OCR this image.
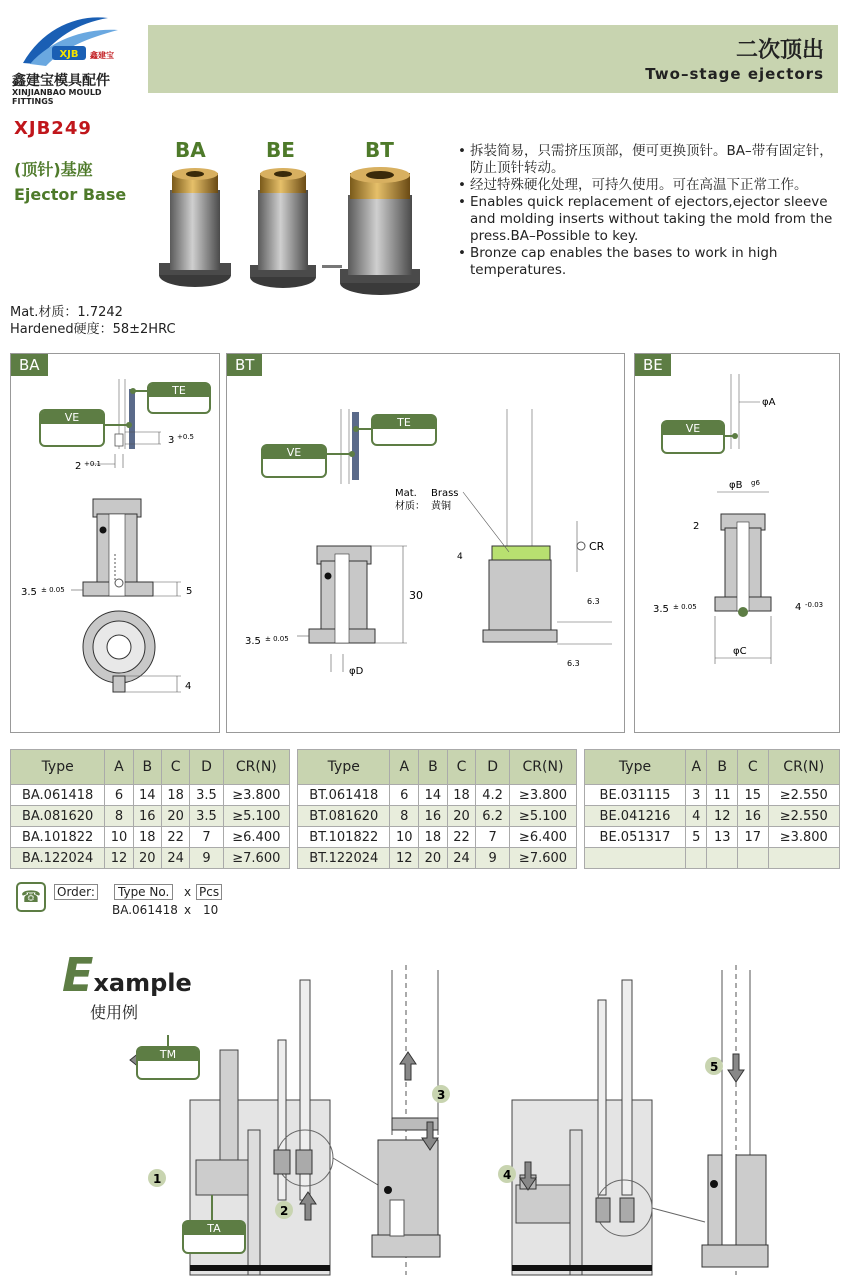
XJB 鑫建宝
鑫建宝模具配件
XINJIANBAO MOULD FITTINGS
二次顶出
Two–stage ejectors
XJB249
(顶针)基座
Ejector Base
BA	BE	BT	• 拆装简易，只需挤压顶部，便可更换顶针。BA–带有固定针，防止顶针转动。
• 经过特殊硬化处理，可持久使用。可在高温下正常工作。
• Enables quick replacement of ejectors,ejector sleeve and molding inserts without taking the mold from the press.BA–Possible to key.
• Bronze cap enables the bases to work in high temperatures.
Mat.材质：1.7242
Hardened硬度：58±2HRC
BA
3 +0.5
2 +0.1
3.5 ± 0.05	5
4
TE
VE
BT
30
3.5 ± 0.05
φD
Mat. Brass
材质： 黄铜
CR
4
6.3
6.3
TE
VE
BE
φA
φB g6
2
3.5 ± 0.05	4 -0.03
φC
VE
Type	A	B	C	D	CR(N)
BA.061418	6	14	18	3.5	≥3.800
BA.081620	8	16	20	3.5	≥5.100
BA.101822	10	18	22	7	≥6.400
BA.122024	12	20	24	9	≥7.600
Type	A	B	C	D	CR(N)
BT.061418	6	14	18	4.2	≥3.800
BT.081620	8	16	20	6.2	≥5.100
BT.101822	10	18	22	7	≥6.400
BT.122024	12	20	24	9	≥7.600
Type	A	B	C	CR(N)
BE.031115	3	11	15	≥2.550
BE.041216	4	12	16	≥2.550
BE.051317	5	13	17	≥3.800

☎	Order:	Type No.	x Pcs
BA.061418 x 10
Example
使用例
1
2
3
4
5
TM
TA
